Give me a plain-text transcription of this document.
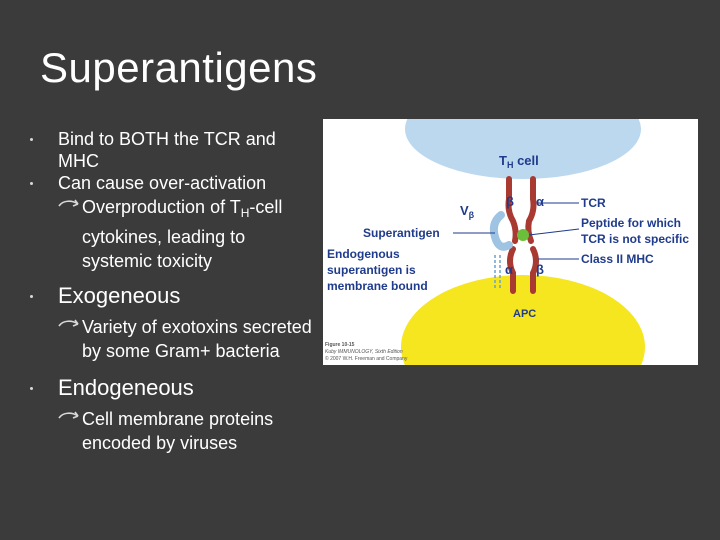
Superantigens
Bind to BOTH the TCR and MHC
Can cause over-activation
Overproduction of $T_H$-cell cytokines, leading to systemic toxicity
Exogeneous
Variety of exotoxins secreted by some Gram+ bacteria
Endogeneous
Cell membrane proteins encoded by viruses
$T_H$ cell
$V_\beta$
β α
α β
TCR
Superantigen
Peptide for which
TCR is not specific
Class II MHC
Endogenous
superantigen is
membrane bound
APC
Figure 10-15
Kuby IMMUNOLOGY, Sixth Edition
© 2007 W.H. Freeman and Company
